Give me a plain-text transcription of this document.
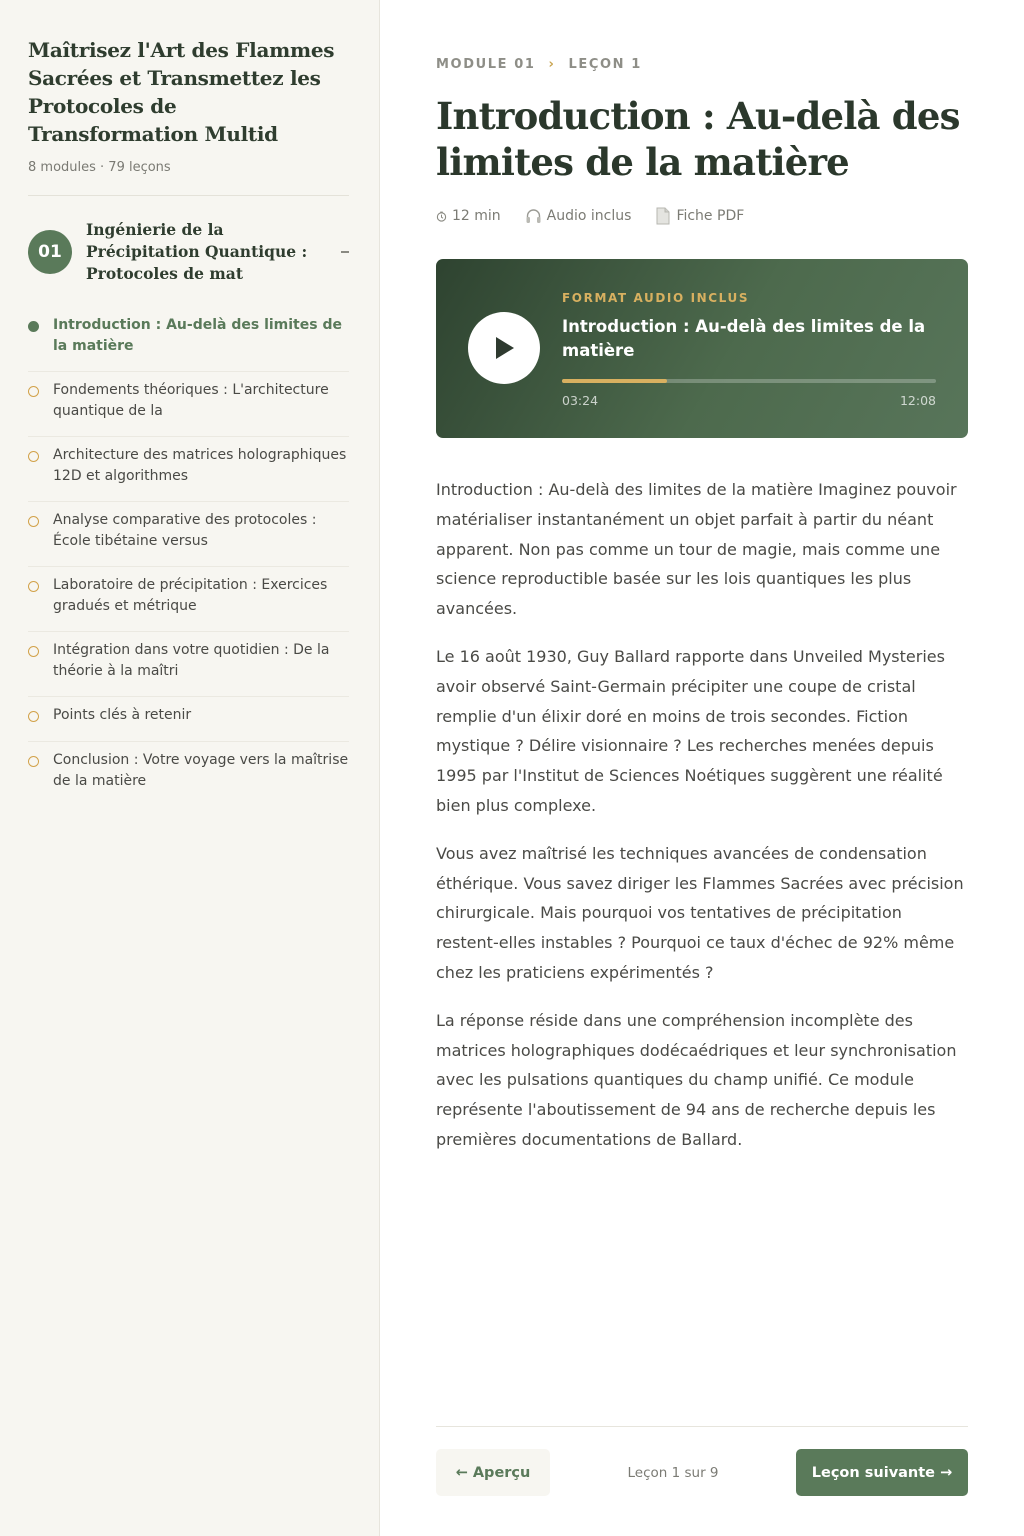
Maîtrisez l'Art des Flammes Sacrées et Transmettez les Protocoles de Transformation Multid
8 modules · 79 leçons
01
Ingénierie de la Précipitation Quantique : Protocoles de mat
Introduction : Au-delà des limites de la matière
Fondements théoriques : L'architecture quantique de la
Architecture des matrices holographiques 12D et algorithmes
Analyse comparative des protocoles : École tibétaine versus
Laboratoire de précipitation : Exercices gradués et métrique
Intégration dans votre quotidien : De la théorie à la maîtri
Points clés à retenir
Conclusion : Votre voyage vers la maîtrise de la matière
MODULE 01 › LEÇON 1
Introduction : Au-delà des limites de la matière
12 min	Audio inclus	Fiche PDF
FORMAT AUDIO INCLUS
Introduction : Au-delà des limites de la matière
03:24	12:08

Introduction : Au-delà des limites de la matière Imaginez pouvoir matérialiser instantanément un objet parfait à partir du néant apparent. Non pas comme un tour de magie, mais comme une science reproductible basée sur les lois quantiques les plus avancées.

Le 16 août 1930, Guy Ballard rapporte dans Unveiled Mysteries avoir observé Saint-Germain précipiter une coupe de cristal remplie d'un élixir doré en moins de trois secondes. Fiction mystique ? Délire visionnaire ? Les recherches menées depuis 1995 par l'Institut de Sciences Noétiques suggèrent une réalité bien plus complexe.

Vous avez maîtrisé les techniques avancées de condensation éthérique. Vous savez diriger les Flammes Sacrées avec précision chirurgicale. Mais pourquoi vos tentatives de précipitation restent-elles instables ? Pourquoi ce taux d'échec de 92% même chez les praticiens expérimentés ?

La réponse réside dans une compréhension incomplète des matrices holographiques dodécaédriques et leur synchronisation avec les pulsations quantiques du champ unifié. Ce module représente l'aboutissement de 94 ans de recherche depuis les premières documentations de Ballard.

← Aperçu	Leçon 1 sur 9	Leçon suivante →
